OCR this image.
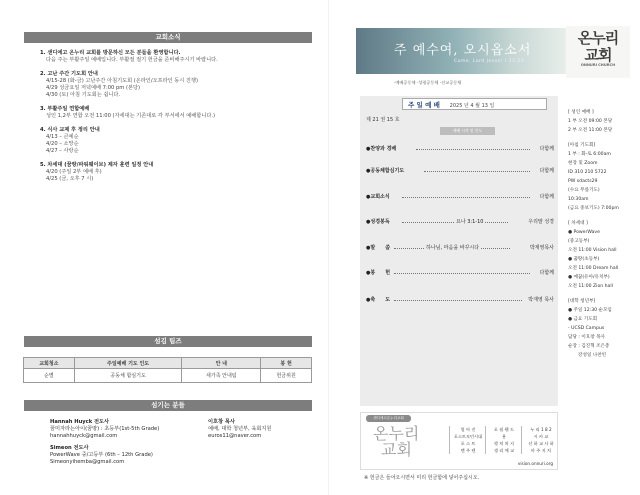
교회소식
1. 샌디에고 온누리 교회를 방문하신 모든 분들을 환영합니다.
다음 주는 부활주일 예배입니다. 부활절 절기 헌금을 준비해주시기 바랍니다.
2. 고난 주간 기도회 안내
4/15-28 (화-금) 고난주간 아침기도회 (온라인/오프라인 동시 진행)
4/29 성금요일 저녁예배 7:00 pm (본당)
4/30 (토) 아침 기도회는 쉽니다.
3. 부활주일 연합예배
성인 1,2부 연합 오전 11:00 (자세대는 기존대로 각 부서에서 예배합니다.)
4. 식사 교제 후 정리 안내
4/13 – 큰예순
4/20 – 소망순
4/27 – 사랑순
5. 차세대 (꿈땅/파워웨이브) 제자 훈련 일정 안내
4/20 (주일 2부 예배 후)
4/25 (금, 오후 7 시)
섬김 팀즈
교회청소	주일예배 기도 인도	안 내	봉 헌
순별	공동체 합심기도	새가족 안내팀	헌금위원
섬기는 분들
Hannah Huyck 전도사
꿈미자라는아이(꿈땅) : 초등부(1st-5th Grade)
hannahhuyck@gmail.com
Simeon 전도사
PowerWave 중/고등부 (6th – 12th Grade)
Simeonyihemba@gmail.com
이호창 목사
예배, 대학 청년부, 육회지원
euros11@naver.com
주 예수여, 오시옵소서
Come, Lord Jesus! Ⅰ 22:20
온누리
교회
ONNURI CHURCH
·예배공동체 ·성령공동체 ·선교공동체
주 일 예 배 2025 년 4 월 13 일
제 21 권 15 호
예배 시작 및 인도
●찬양과 경배	다함께
●공동체합심기도	다함께
●교회소식	다함께
●성경봉독	요나 3:1-10	우리말 성경
●말　　씀	하나님, 마음을 바꾸시다	박재영목사
●봉　　헌	다함께
●축　　도	박재영 목사
샌디에고온누리교회
온누리
교회
열 아 진
포스트모던시대
포 스 트
맨 주 텐
포 월 웬 드
용
행 처 처 지
생 리 예 교
누 리 1 8 2
시 카 교
선 하 교 사 하
마 주 저 치
vision.onnuri.org
※ 헌금은 들어오시면서 미리 헌금함에 넣어주십시오.
[ 성인 예배 ]
1 부 오전 09:00 본당
2 부 오전 11:00 본당
[아침 기도회]
1 부 : 화-토 6:00am
현장 및 Zoom
ID 310 210 5722
PW sdacts29
(수요 무릎기도)
10:30am
(금요 중보기도) 7:00pm
[ 차세대 ]
● PowerWave
(중고등부)
오전 11:00 Vision hall
● 꿈땅(초등부)
오전 11:00 Dream hall
● 예꿈(유아/유치부)
오전 11:00 Zion hall
[대학 청년부]
● 주일 12:30 순모임
● 금요 기도회
- UCSD Campus
담당 : 이호창 목사
순장 : 김진혁 조은총
강성일 나찬빈
